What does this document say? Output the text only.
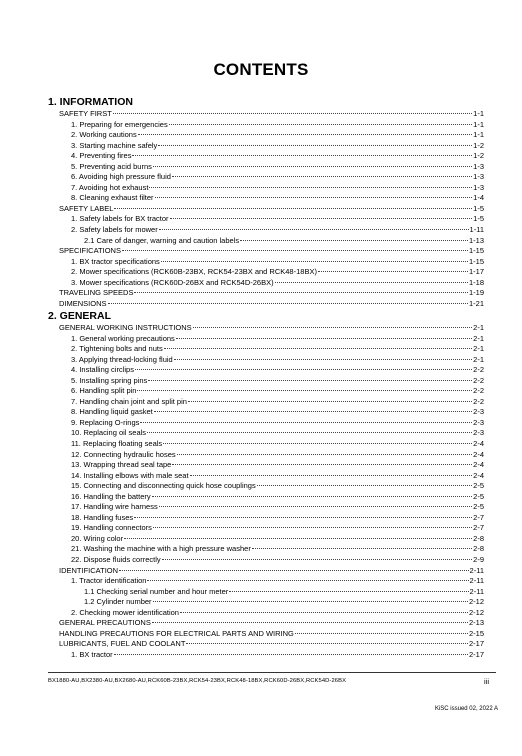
CONTENTS
1. INFORMATION
SAFETY FIRST	1-1
1. Preparing for emergencies	1-1
2. Working cautions	1-1
3. Starting machine safely	1-2
4. Preventing fires	1-2
5. Preventing acid burns	1-3
6. Avoiding high pressure fluid	1-3
7. Avoiding hot exhaust	1-3
8. Cleaning exhaust filter	1-4
SAFETY LABEL	1-5
1. Safety labels for BX tractor	1-5
2. Safety labels for mower	1-11
2.1 Care of danger, warning and caution labels	1-13
SPECIFICATIONS	1-15
1. BX tractor specifications	1-15
2. Mower specifications (RCK60B-23BX, RCK54-23BX and RCK48-18BX)	1-17
3. Mower specifications (RCK60D-26BX and RCK54D-26BX)	1-18
TRAVELING SPEEDS	1-19
DIMENSIONS	1-21
2. GENERAL
GENERAL WORKING INSTRUCTIONS	2-1
1. General working precautions	2-1
2. Tightening bolts and nuts	2-1
3. Applying thread-locking fluid	2-1
4. Installing circlips	2-2
5. Installing spring pins	2-2
6. Handling split pin	2-2
7. Handling chain joint and split pin	2-2
8. Handling liquid gasket	2-3
9. Replacing O-rings	2-3
10. Replacing oil seals	2-3
11. Replacing floating seals	2-4
12. Connecting hydraulic hoses	2-4
13. Wrapping thread seal tape	2-4
14. Installing elbows with male seat	2-4
15. Connecting and disconnecting quick hose couplings	2-5
16. Handling the battery	2-5
17. Handling wire harness	2-5
18. Handling fuses	2-7
19. Handling connectors	2-7
20. Wiring color	2-8
21. Washing the machine with a high pressure washer	2-8
22. Dispose fluids correctly	2-9
IDENTIFICATION	2-11
1. Tractor identification	2-11
1.1 Checking serial number and hour meter	2-11
1.2 Cylinder number	2-12
2. Checking mower identification	2-12
GENERAL PRECAUTIONS	2-13
HANDLING PRECAUTIONS FOR ELECTRICAL PARTS AND WIRING	2-15
LUBRICANTS, FUEL AND COOLANT	2-17
1. BX tractor	2-17
BX1880-AU,BX2380-AU,BX2680-AU,RCK60B-23BX,RCK54-23BX,RCK48-18BX,RCK60D-26BX,RCK54D-26BX	iii
KiSC issued 02, 2022 A
